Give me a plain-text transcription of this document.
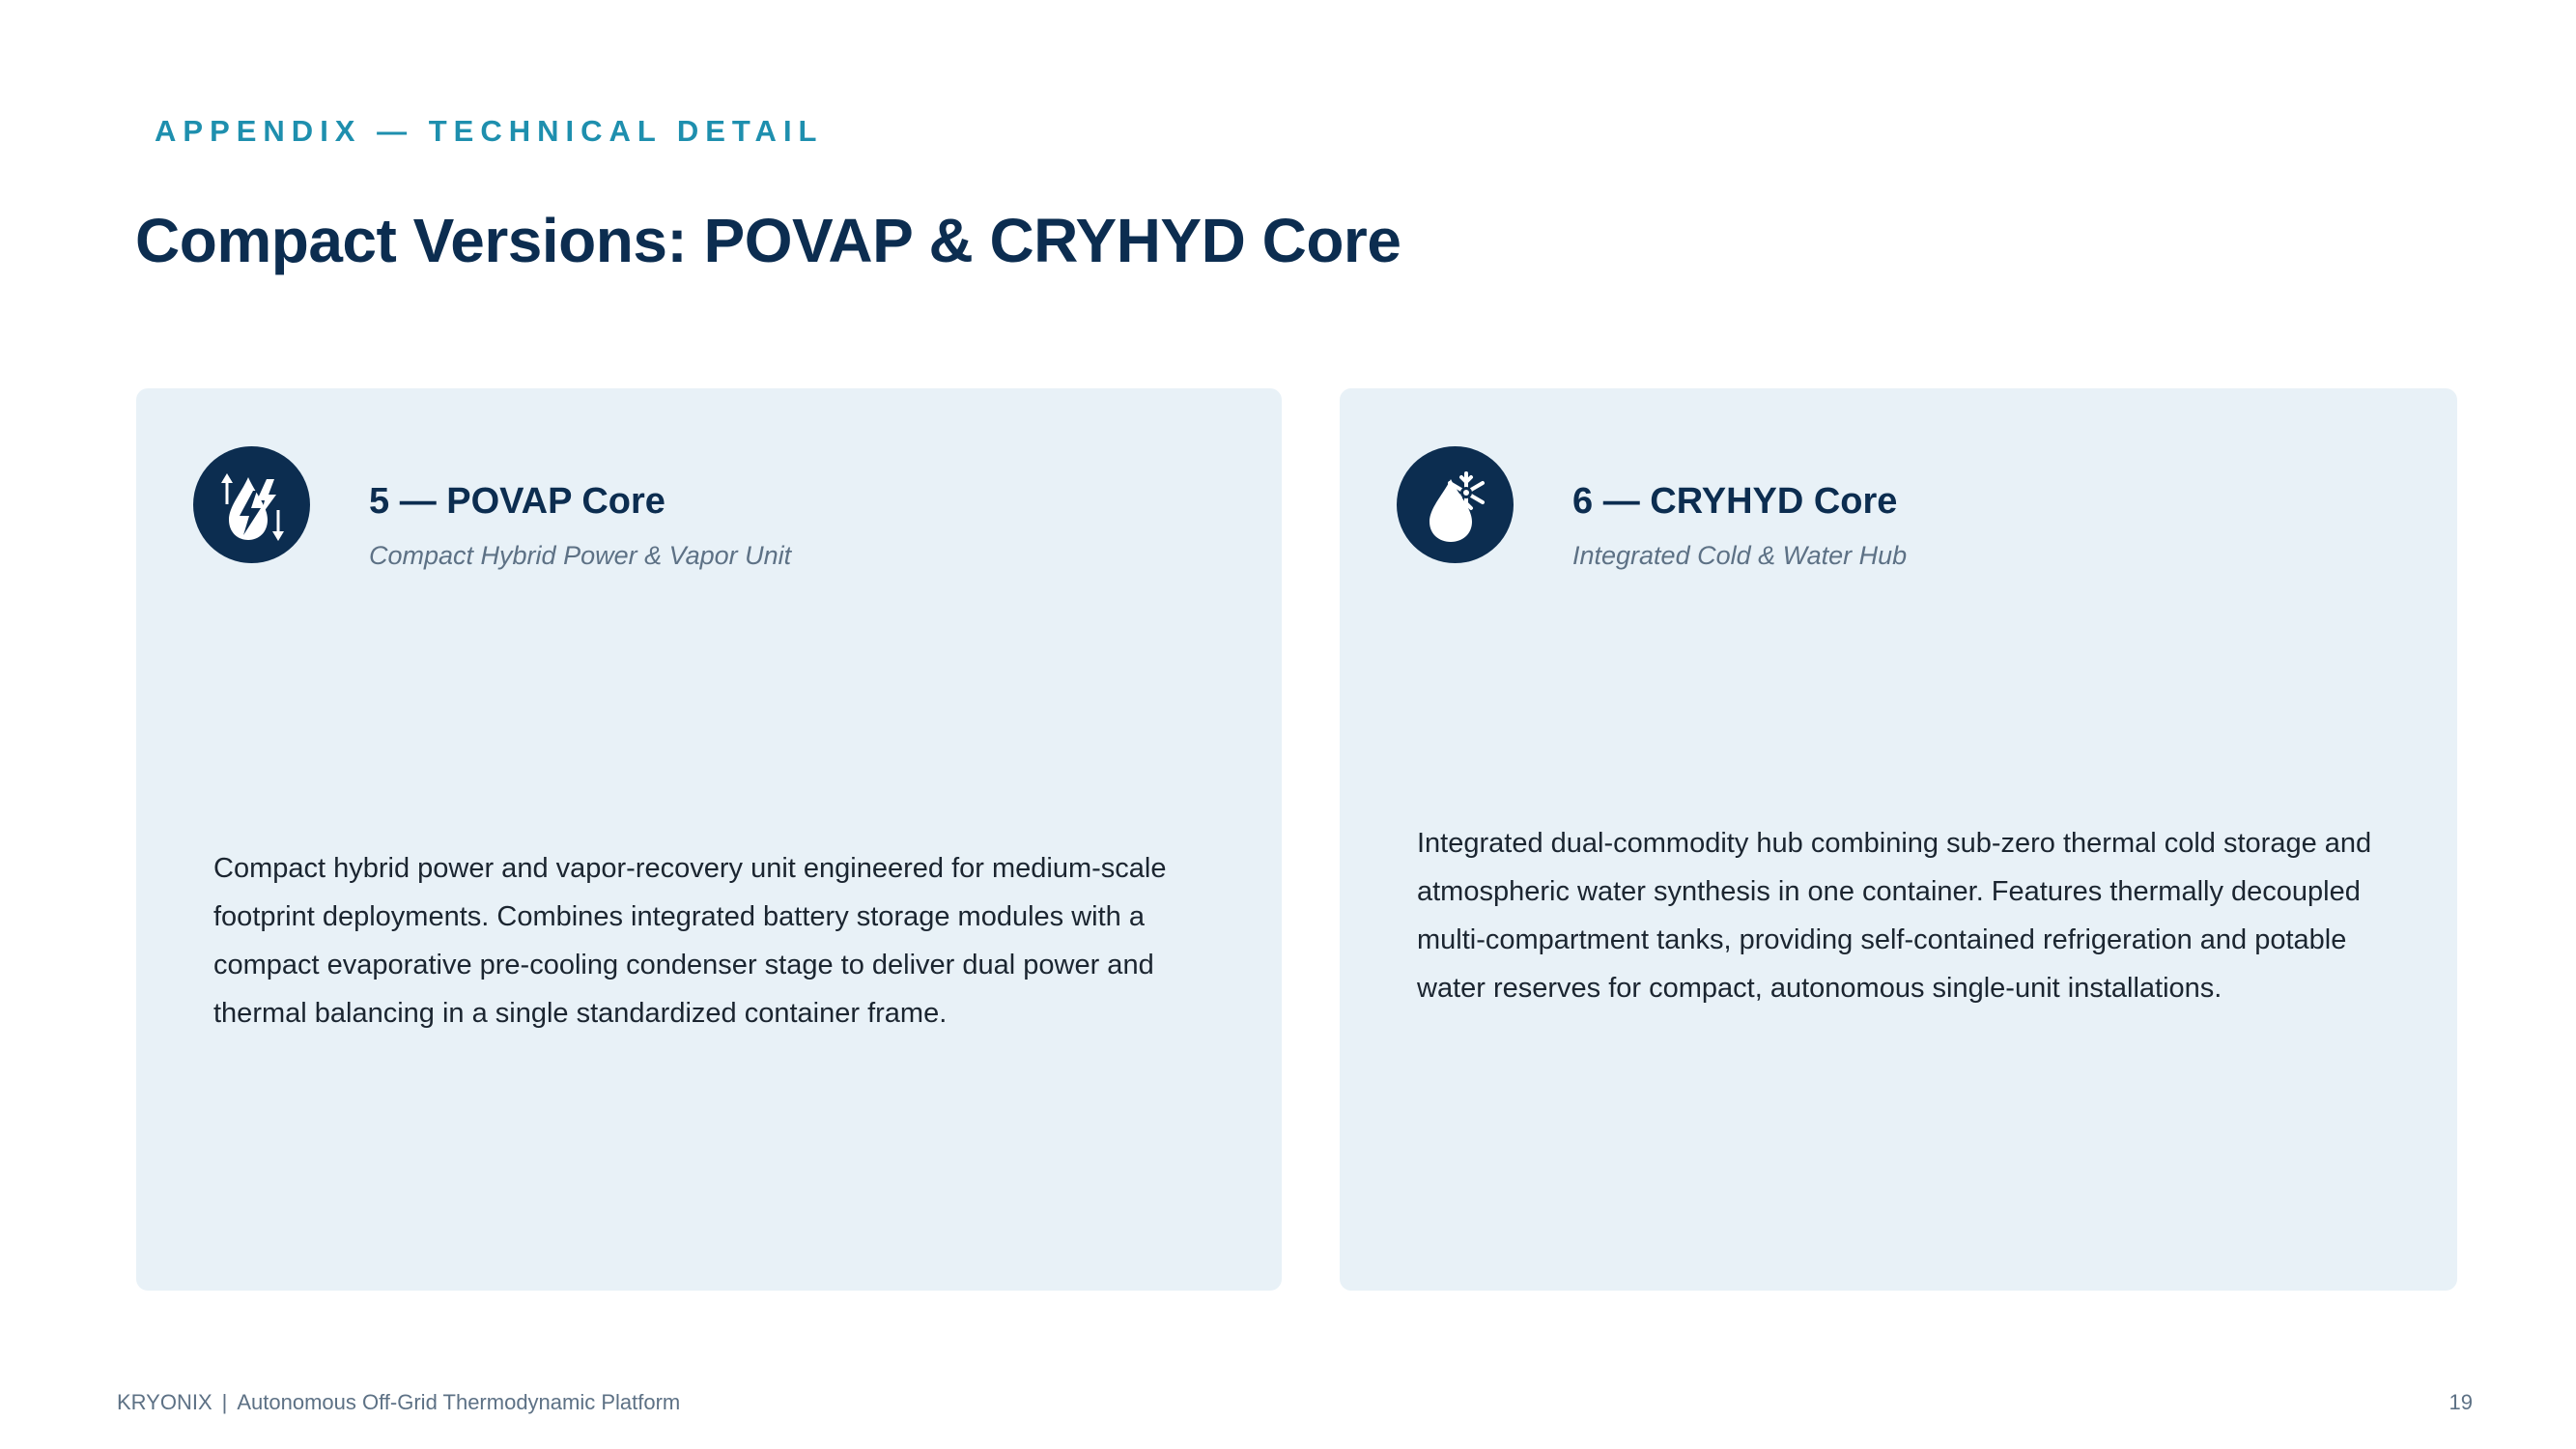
APPENDIX — TECHNICAL DETAIL
Compact Versions: POVAP & CRYHYD Core
5 — POVAP Core
Compact Hybrid Power & Vapor Unit
Compact hybrid power and vapor-recovery unit engineered for medium-scale footprint deployments. Combines integrated battery storage modules with a compact evaporative pre-cooling condenser stage to deliver dual power and thermal balancing in a single standardized container frame.
6 — CRYHYD Core
Integrated Cold & Water Hub
Integrated dual-commodity hub combining sub-zero thermal cold storage and atmospheric water synthesis in one container. Features thermally decoupled multi-compartment tanks, providing self-contained refrigeration and potable water reserves for compact, autonomous single-unit installations.
KRYONIX | Autonomous Off-Grid Thermodynamic Platform	19
